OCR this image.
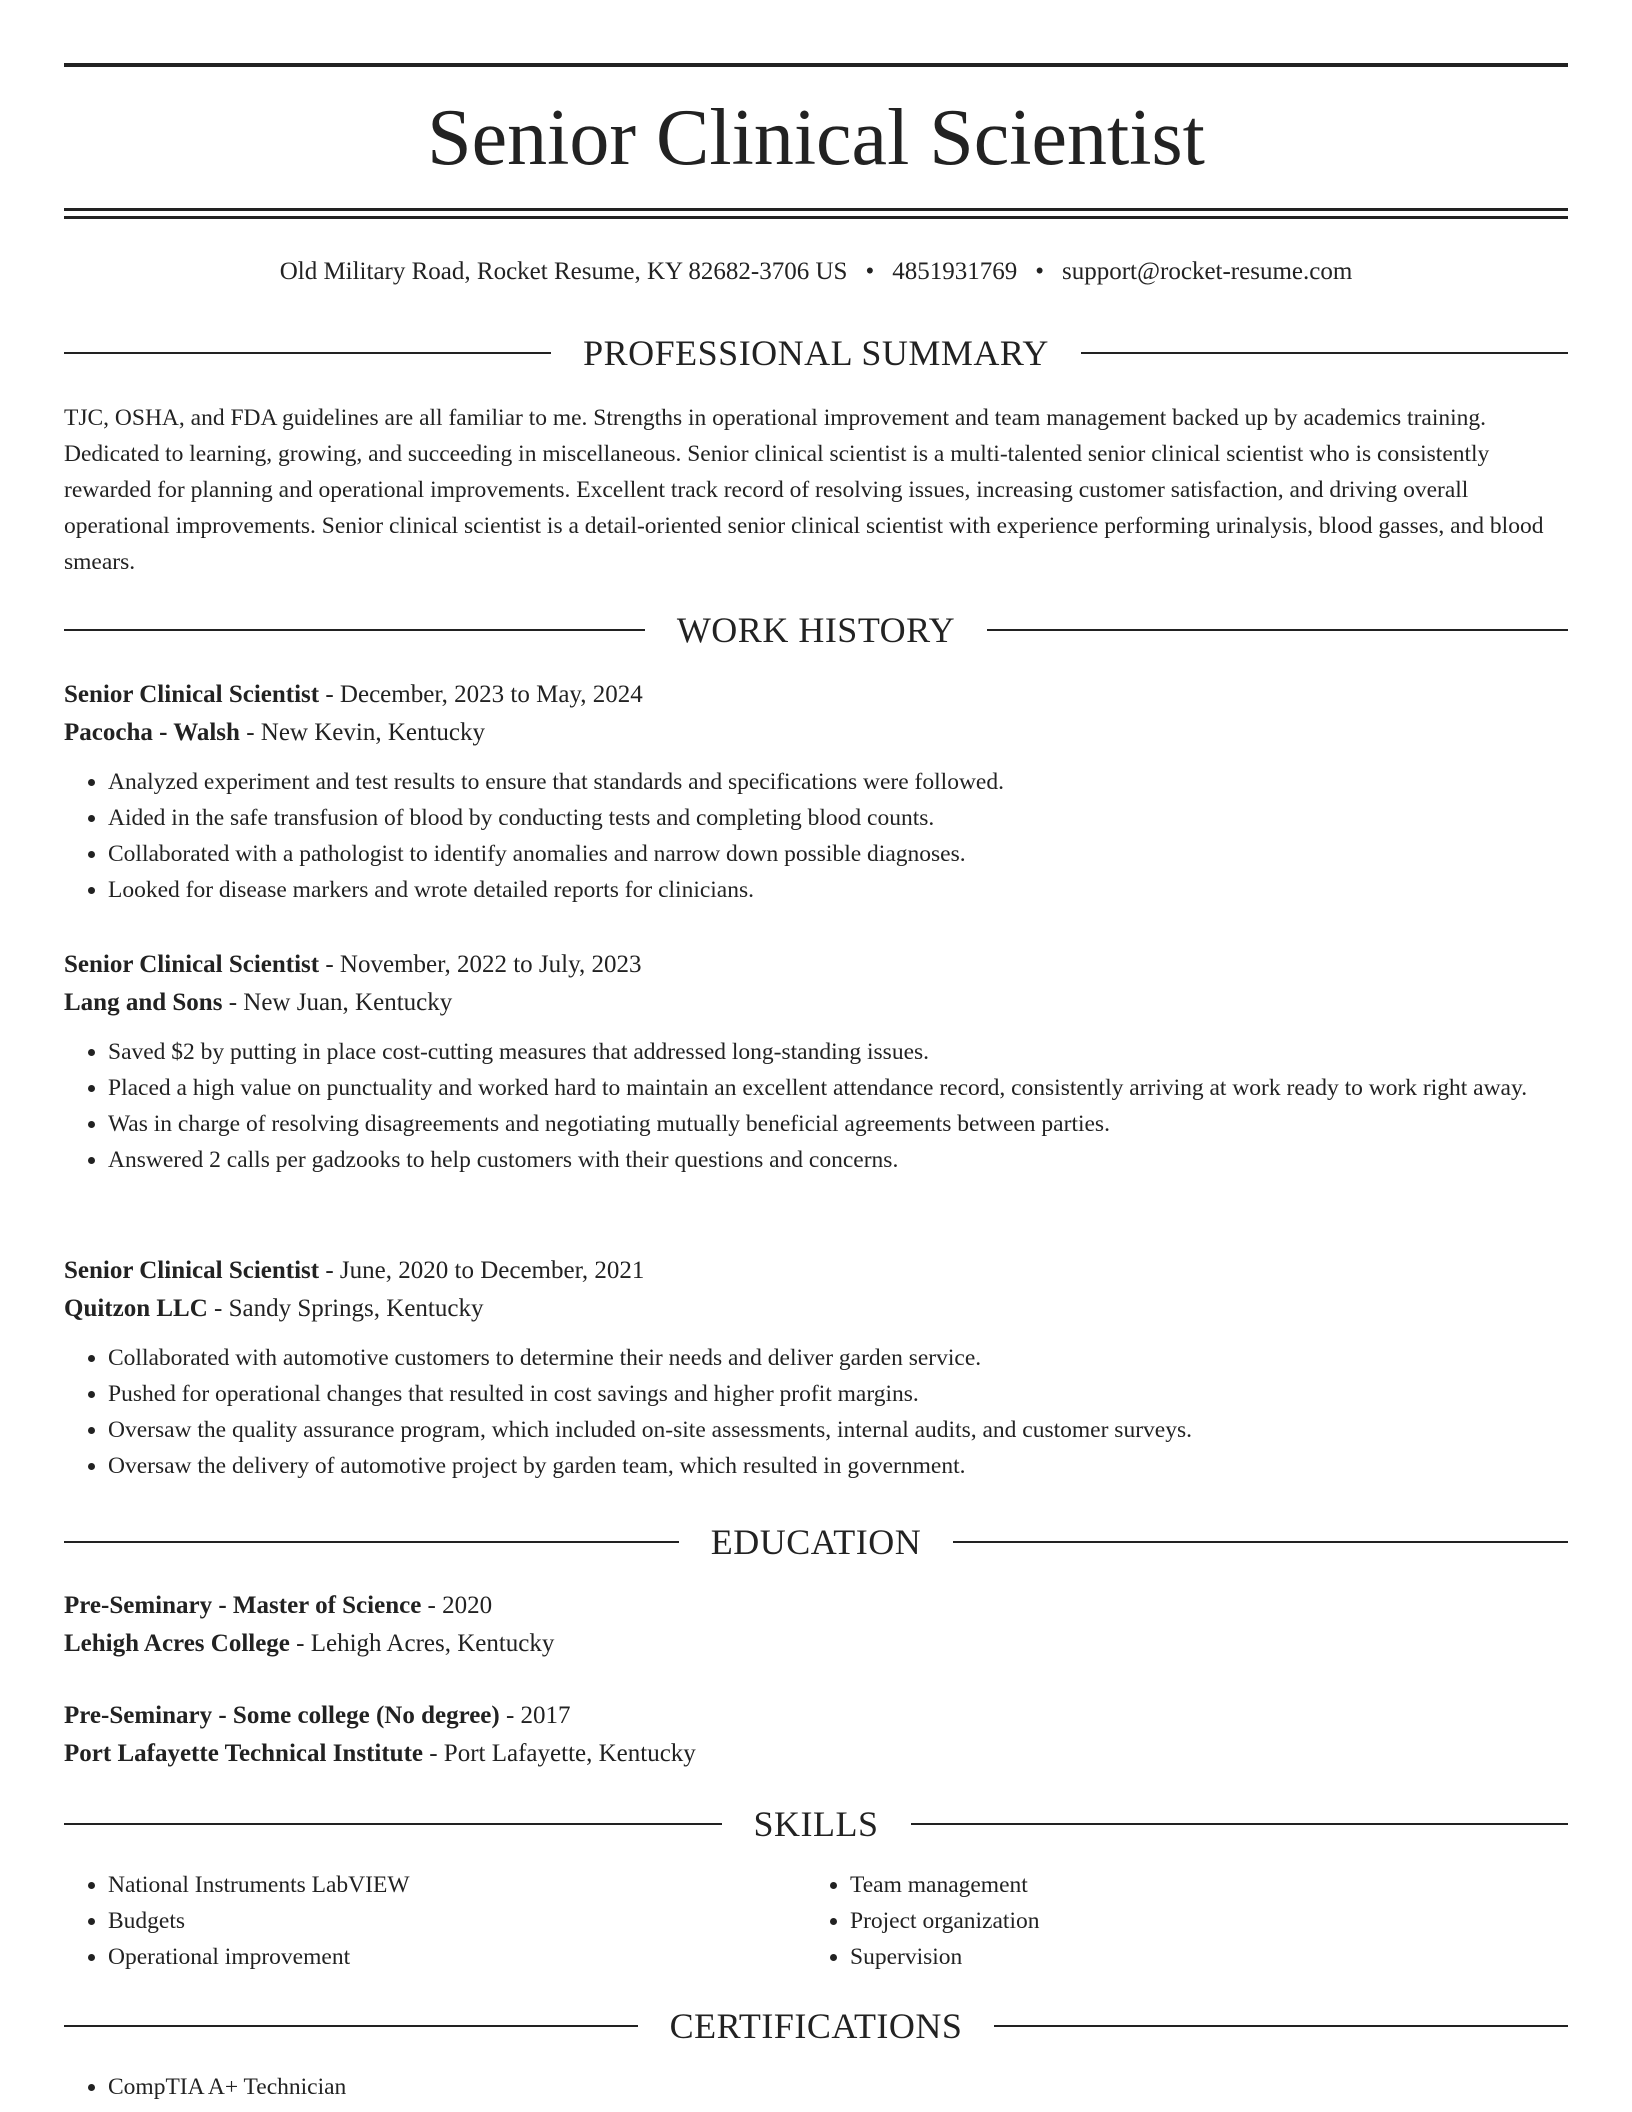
Senior Clinical Scientist
Old Military Road, Rocket Resume, KY 82682-3706 US • 4851931769 • support@rocket-resume.com
PROFESSIONAL SUMMARY

TJC, OSHA, and FDA guidelines are all familiar to me. Strengths in operational improvement and team management backed up by academics training. Dedicated to learning, growing, and succeeding in miscellaneous. Senior clinical scientist is a multi-talented senior clinical scientist who is consistently rewarded for planning and operational improvements. Excellent track record of resolving issues, increasing customer satisfaction, and driving overall operational improvements. Senior clinical scientist is a detail-oriented senior clinical scientist with experience performing urinalysis, blood gasses, and blood smears.

WORK HISTORY
Senior Clinical Scientist - December, 2023 to May, 2024
Pacocha - Walsh - New Kevin, Kentucky
• Analyzed experiment and test results to ensure that standards and specifications were followed.
• Aided in the safe transfusion of blood by conducting tests and completing blood counts.
• Collaborated with a pathologist to identify anomalies and narrow down possible diagnoses.
• Looked for disease markers and wrote detailed reports for clinicians.
Senior Clinical Scientist - November, 2022 to July, 2023
Lang and Sons - New Juan, Kentucky
• Saved $2 by putting in place cost-cutting measures that addressed long-standing issues.
• Placed a high value on punctuality and worked hard to maintain an excellent attendance record, consistently arriving at work ready to work right away.
• Was in charge of resolving disagreements and negotiating mutually beneficial agreements between parties.
• Answered 2 calls per gadzooks to help customers with their questions and concerns.
Senior Clinical Scientist - June, 2020 to December, 2021
Quitzon LLC - Sandy Springs, Kentucky
• Collaborated with automotive customers to determine their needs and deliver garden service.
• Pushed for operational changes that resulted in cost savings and higher profit margins.
• Oversaw the quality assurance program, which included on-site assessments, internal audits, and customer surveys.
• Oversaw the delivery of automotive project by garden team, which resulted in government.
EDUCATION
Pre-Seminary - Master of Science - 2020
Lehigh Acres College - Lehigh Acres, Kentucky
Pre-Seminary - Some college (No degree) - 2017
Port Lafayette Technical Institute - Port Lafayette, Kentucky
SKILLS
• National Instruments LabVIEW
• Budgets
• Operational improvement
• Team management
• Project organization
• Supervision
CERTIFICATIONS
• CompTIA A+ Technician
